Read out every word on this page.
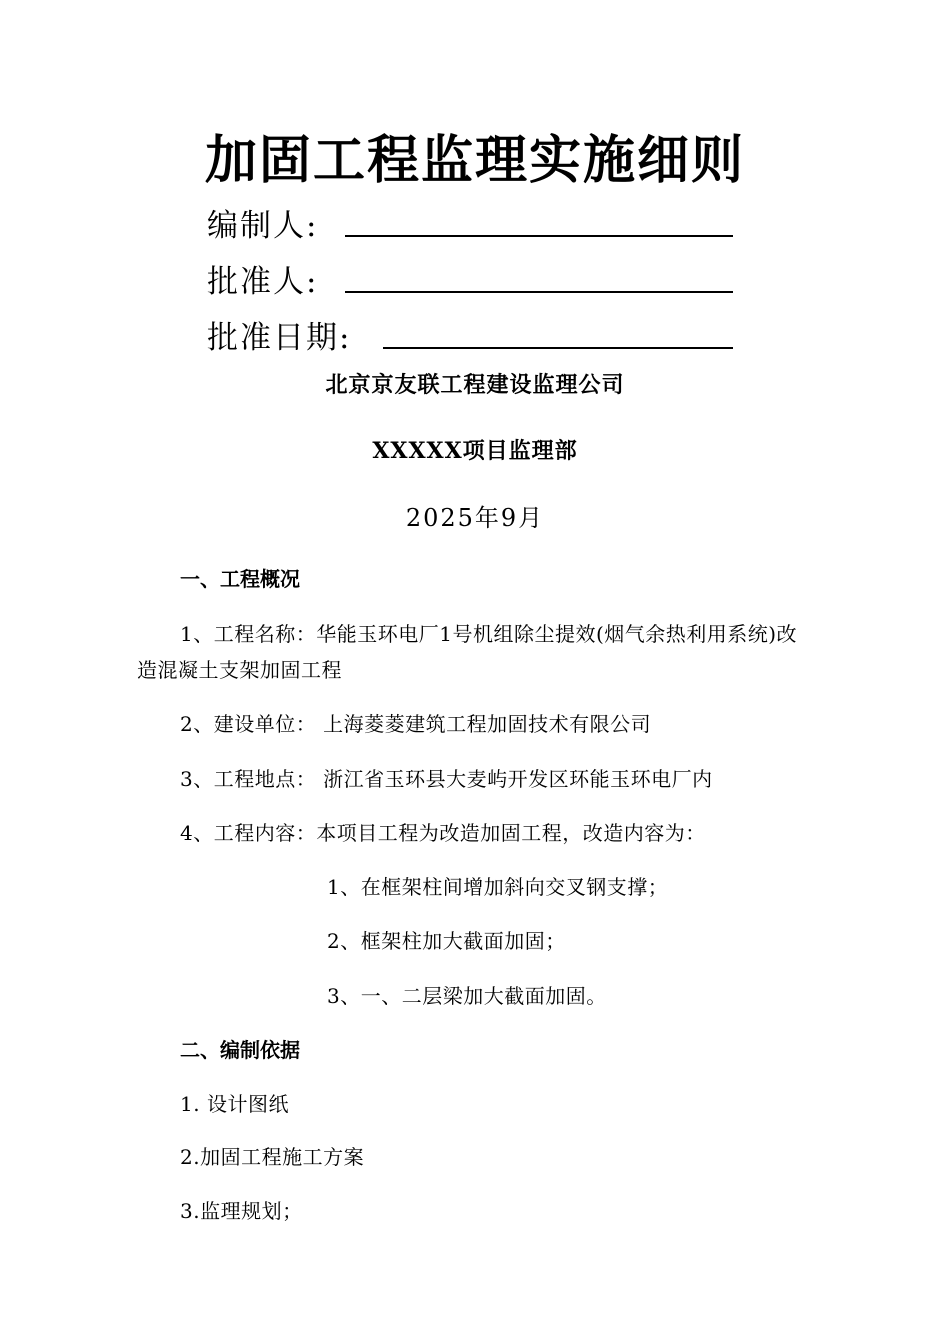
加固工程监理实施细则
编制人:
批准人:
批准日期:
北京京友联工程建设监理公司
XXXXX项目监理部
2025年9月
一、工程概况
1、工程名称：华能玉环电厂1号机组除尘提效(烟气余热利用系统)改
造混凝土支架加固工程
2、建设单位： 上海菱菱建筑工程加固技术有限公司
3、工程地点： 浙江省玉环县大麦屿开发区环能玉环电厂内
4、工程内容：本项目工程为改造加固工程，改造内容为：
1、在框架柱间增加斜向交叉钢支撑；
2、框架柱加大截面加固；
3、一、二层梁加大截面加固。
二、编制依据
1. 设计图纸
2.加固工程施工方案
3.监理规划；
